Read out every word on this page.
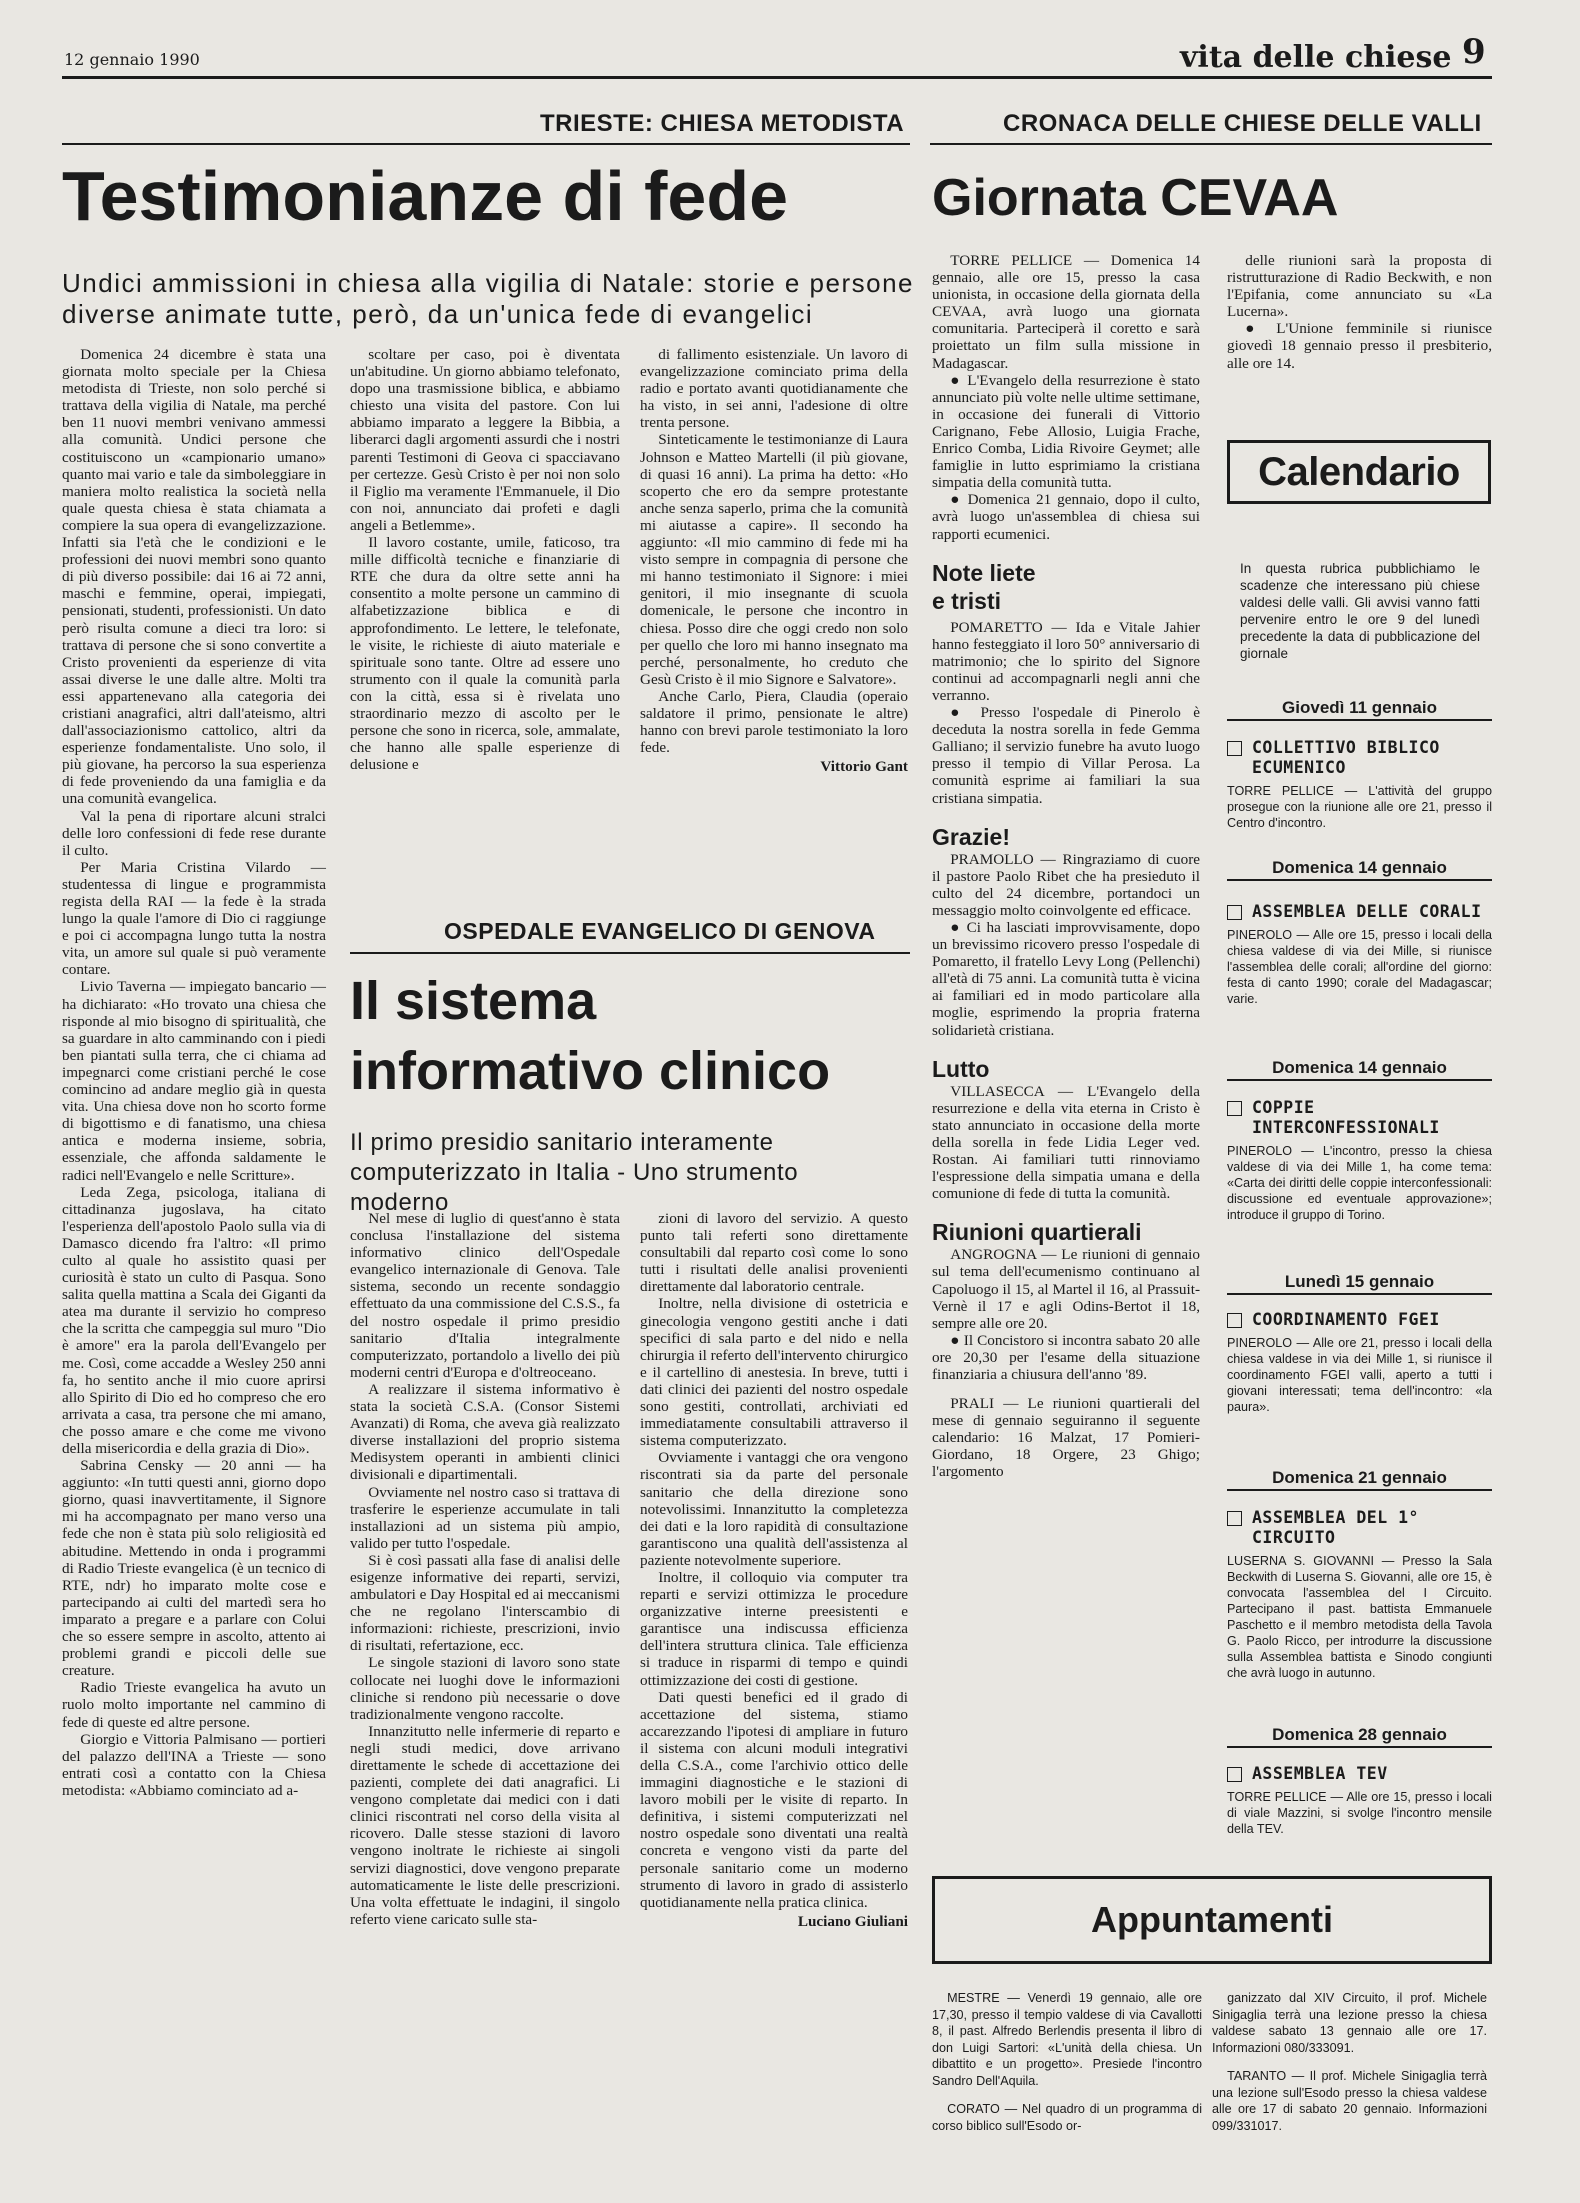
12 gennaio 1990	vita delle chiese 9
TRIESTE: CHIESA METODISTA
Testimonianze di fede
Undici ammissioni in chiesa alla vigilia di Natale: storie e persone diverse animate tutte, però, da un'unica fede di evangelici

Domenica 24 dicembre è stata una giornata molto speciale per la Chiesa metodista di Trieste, non solo perché si trattava della vigilia di Natale, ma perché ben 11 nuovi membri venivano ammessi alla comunità. Undici persone che costituiscono un «campionario umano» quanto mai vario e tale da simboleggiare in maniera molto realistica la società nella quale questa chiesa è stata chiamata a compiere la sua opera di evangelizzazione. Infatti sia l'età che le condizioni e le professioni dei nuovi membri sono quanto di più diverso possibile: dai 16 ai 72 anni, maschi e femmine, operai, impiegati, pensionati, studenti, professionisti. Un dato però risulta comune a dieci tra loro: si trattava di persone che si sono convertite a Cristo provenienti da esperienze di vita assai diverse le une dalle altre. Molti tra essi appartenevano alla categoria dei cristiani anagrafici, altri dall'ateismo, altri dall'associazionismo cattolico, altri da esperienze fondamentaliste. Uno solo, il più giovane, ha percorso la sua esperienza di fede proveniendo da una famiglia e da una comunità evangelica.

Val la pena di riportare alcuni stralci delle loro confessioni di fede rese durante il culto.

Per Maria Cristina Vilardo — studentessa di lingue e programmista regista della RAI — la fede è la strada lungo la quale l'amore di Dio ci raggiunge e poi ci accompagna lungo tutta la nostra vita, un amore sul quale si può veramente contare.

Livio Taverna — impiegato bancario — ha dichiarato: «Ho trovato una chiesa che risponde al mio bisogno di spiritualità, che sa guardare in alto camminando con i piedi ben piantati sulla terra, che ci chiama ad impegnarci come cristiani perché le cose comincino ad andare meglio già in questa vita. Una chiesa dove non ho scorto forme di bigottismo e di fanatismo, una chiesa antica e moderna insieme, sobria, essenziale, che affonda saldamente le radici nell'Evangelo e nelle Scritture».

Leda Zega, psicologa, italiana di cittadinanza jugoslava, ha citato l'esperienza dell'apostolo Paolo sulla via di Damasco dicendo fra l'altro: «Il primo culto al quale ho assistito quasi per curiosità è stato un culto di Pasqua. Sono salita quella mattina a Scala dei Giganti da atea ma durante il servizio ho compreso che la scritta che campeggia sul muro "Dio è amore" era la parola dell'Evangelo per me. Così, come accadde a Wesley 250 anni fa, ho sentito anche il mio cuore aprirsi allo Spirito di Dio ed ho compreso che ero arrivata a casa, tra persone che mi amano, che posso amare e che come me vivono della misericordia e della grazia di Dio».

Sabrina Censky — 20 anni — ha aggiunto: «In tutti questi anni, giorno dopo giorno, quasi inavvertitamente, il Signore mi ha accompagnato per mano verso una fede che non è stata più solo religiosità ed abitudine. Mettendo in onda i programmi di Radio Trieste evangelica (è un tecnico di RTE, ndr) ho imparato molte cose e partecipando ai culti del martedì sera ho imparato a pregare e a parlare con Colui che so essere sempre in ascolto, attento ai problemi grandi e piccoli delle sue creature.

Radio Trieste evangelica ha avuto un ruolo molto importante nel cammino di fede di queste ed altre persone.

Giorgio e Vittoria Palmisano — portieri del palazzo dell'INA a Trieste — sono entrati così a contatto con la Chiesa metodista: «Abbiamo cominciato ad a-

scoltare per caso, poi è diventata un'abitudine. Un giorno abbiamo telefonato, dopo una trasmissione biblica, e abbiamo chiesto una visita del pastore. Con lui abbiamo imparato a leggere la Bibbia, a liberarci dagli argomenti assurdi che i nostri parenti Testimoni di Geova ci spacciavano per certezze. Gesù Cristo è per noi non solo il Figlio ma veramente l'Emmanuele, il Dio con noi, annunciato dai profeti e dagli angeli a Betlemme».

Il lavoro costante, umile, faticoso, tra mille difficoltà tecniche e finanziarie di RTE che dura da oltre sette anni ha consentito a molte persone un cammino di alfabetizzazione biblica e di approfondimento. Le lettere, le telefonate, le visite, le richieste di aiuto materiale e spirituale sono tante. Oltre ad essere uno strumento con il quale la comunità parla con la città, essa si è rivelata uno straordinario mezzo di ascolto per le persone che sono in ricerca, sole, ammalate, che hanno alle spalle esperienze di delusione e

di fallimento esistenziale. Un lavoro di evangelizzazione cominciato prima della radio e portato avanti quotidianamente che ha visto, in sei anni, l'adesione di oltre trenta persone.

Sinteticamente le testimonianze di Laura Johnson e Matteo Martelli (il più giovane, di quasi 16 anni). La prima ha detto: «Ho scoperto che ero da sempre protestante anche senza saperlo, prima che la comunità mi aiutasse a capire». Il secondo ha aggiunto: «Il mio cammino di fede mi ha visto sempre in compagnia di persone che mi hanno testimoniato il Signore: i miei genitori, il mio insegnante di scuola domenicale, le persone che incontro in chiesa. Posso dire che oggi credo non solo per quello che loro mi hanno insegnato ma perché, personalmente, ho creduto che Gesù Cristo è il mio Signore e Salvatore».

Anche Carlo, Piera, Claudia (operaio saldatore il primo, pensionate le altre) hanno con brevi parole testimoniato la loro fede.

Vittorio Gant

OSPEDALE EVANGELICO DI GENOVA
Il sistema
informativo clinico
Il primo presidio sanitario interamente computerizzato in Italia - Uno strumento moderno

Nel mese di luglio di quest'anno è stata conclusa l'installazione del sistema informativo clinico dell'Ospedale evangelico internazionale di Genova. Tale sistema, secondo un recente sondaggio effettuato da una commissione del C.S.S., fa del nostro ospedale il primo presidio sanitario d'Italia integralmente computerizzato, portandolo a livello dei più moderni centri d'Europa e d'oltreoceano.

A realizzare il sistema informativo è stata la società C.S.A. (Consor Sistemi Avanzati) di Roma, che aveva già realizzato diverse installazioni del proprio sistema Medisystem operanti in ambienti clinici divisionali e dipartimentali.

Ovviamente nel nostro caso si trattava di trasferire le esperienze accumulate in tali installazioni ad un sistema più ampio, valido per tutto l'ospedale.

Si è così passati alla fase di analisi delle esigenze informative dei reparti, servizi, ambulatori e Day Hospital ed ai meccanismi che ne regolano l'interscambio di informazioni: richieste, prescrizioni, invio di risultati, refertazione, ecc.

Le singole stazioni di lavoro sono state collocate nei luoghi dove le informazioni cliniche si rendono più necessarie o dove tradizionalmente vengono raccolte.

Innanzitutto nelle infermerie di reparto e negli studi medici, dove arrivano direttamente le schede di accettazione dei pazienti, complete dei dati anagrafici. Li vengono completate dai medici con i dati clinici riscontrati nel corso della visita al ricovero. Dalle stesse stazioni di lavoro vengono inoltrate le richieste ai singoli servizi diagnostici, dove vengono preparate automaticamente le liste delle prescrizioni. Una volta effettuate le indagini, il singolo referto viene caricato sulle sta-

zioni di lavoro del servizio. A questo punto tali referti sono direttamente consultabili dal reparto così come lo sono tutti i risultati delle analisi provenienti direttamente dal laboratorio centrale.

Inoltre, nella divisione di ostetricia e ginecologia vengono gestiti anche i dati specifici di sala parto e del nido e nella chirurgia il referto dell'intervento chirurgico e il cartellino di anestesia. In breve, tutti i dati clinici dei pazienti del nostro ospedale sono gestiti, controllati, archiviati ed immediatamente consultabili attraverso il sistema computerizzato.

Ovviamente i vantaggi che ora vengono riscontrati sia da parte del personale sanitario che della direzione sono notevolissimi. Innanzitutto la completezza dei dati e la loro rapidità di consultazione garantiscono una qualità dell'assistenza al paziente notevolmente superiore.

Inoltre, il colloquio via computer tra reparti e servizi ottimizza le procedure organizzative interne preesistenti e garantisce una indiscussa efficienza dell'intera struttura clinica. Tale efficienza si traduce in risparmi di tempo e quindi ottimizzazione dei costi di gestione.

Dati questi benefici ed il grado di accettazione del sistema, stiamo accarezzando l'ipotesi di ampliare in futuro il sistema con alcuni moduli integrativi della C.S.A., come l'archivio ottico delle immagini diagnostiche e le stazioni di lavoro mobili per le visite di reparto. In definitiva, i sistemi computerizzati nel nostro ospedale sono diventati una realtà concreta e vengono visti da parte del personale sanitario come un moderno strumento di lavoro in grado di assisterlo quotidianamente nella pratica clinica.

Luciano Giuliani

CRONACA DELLE CHIESE DELLE VALLI
Giornata CEVAA

TORRE PELLICE — Domenica 14 gennaio, alle ore 15, presso la casa unionista, in occasione della giornata della CEVAA, avrà luogo una giornata comunitaria. Parteciperà il coretto e sarà proiettato un film sulla missione in Madagascar.

● L'Evangelo della resurrezione è stato annunciato più volte nelle ultime settimane, in occasione dei funerali di Vittorio Carignano, Febe Allosio, Luigia Frache, Enrico Comba, Lidia Rivoire Geymet; alle famiglie in lutto esprimiamo la cristiana simpatia della comunità tutta.

● Domenica 21 gennaio, dopo il culto, avrà luogo un'assemblea di chiesa sui rapporti ecumenici.

Note liete
e tristi

POMARETTO — Ida e Vitale Jahier hanno festeggiato il loro 50° anniversario di matrimonio; che lo spirito del Signore continui ad accompagnarli negli anni che verranno.

● Presso l'ospedale di Pinerolo è deceduta la nostra sorella in fede Gemma Galliano; il servizio funebre ha avuto luogo presso il tempio di Villar Perosa. La comunità esprime ai familiari la sua cristiana simpatia.

Grazie!

PRAMOLLO — Ringraziamo di cuore il pastore Paolo Ribet che ha presieduto il culto del 24 dicembre, portandoci un messaggio molto coinvolgente ed efficace.

● Ci ha lasciati improvvisamente, dopo un brevissimo ricovero presso l'ospedale di Pomaretto, il fratello Levy Long (Pellenchi) all'età di 75 anni. La comunità tutta è vicina ai familiari ed in modo particolare alla moglie, esprimendo la propria fraterna solidarietà cristiana.

Lutto

VILLASECCA — L'Evangelo della resurrezione e della vita eterna in Cristo è stato annunciato in occasione della morte della sorella in fede Lidia Leger ved. Rostan. Ai familiari tutti rinnoviamo l'espressione della simpatia umana e della comunione di fede di tutta la comunità.

Riunioni quartierali

ANGROGNA — Le riunioni di gennaio sul tema dell'ecumenismo continuano al Capoluogo il 15, al Martel il 16, al Prassuit-Vernè il 17 e agli Odins-Bertot il 18, sempre alle ore 20.

● Il Concistoro si incontra sabato 20 alle ore 20,30 per l'esame della situazione finanziaria a chiusura dell'anno '89.

PRALI — Le riunioni quartierali del mese di gennaio seguiranno il seguente calendario: 16 Malzat, 17 Pomieri-Giordano, 18 Orgere, 23 Ghigo; l'argomento

delle riunioni sarà la proposta di ristrutturazione di Radio Beckwith, e non l'Epifania, come annunciato su «La Lucerna».

● L'Unione femminile si riunisce giovedì 18 gennaio presso il presbiterio, alle ore 14.

Calendario
In questa rubrica pubblichiamo le scadenze che interessano più chiese valdesi delle valli. Gli avvisi vanno fatti pervenire entro le ore 9 del lunedì precedente la data di pubblicazione del giornale
Giovedì 11 gennaio
COLLETTIVO BIBLICO ECUMENICO
TORRE PELLICE — L'attività del gruppo prosegue con la riunione alle ore 21, presso il Centro d'incontro.
Domenica 14 gennaio
ASSEMBLEA DELLE CORALI
PINEROLO — Alle ore 15, presso i locali della chiesa valdese di via dei Mille, si riunisce l'assemblea delle corali; all'ordine del giorno: festa di canto 1990; corale del Madagascar; varie.
Domenica 14 gennaio
COPPIE INTERCONFESSIONALI
PINEROLO — L'incontro, presso la chiesa valdese di via dei Mille 1, ha come tema: «Carta dei diritti delle coppie interconfessionali: discussione ed eventuale approvazione»; introduce il gruppo di Torino.
Lunedì 15 gennaio
COORDINAMENTO FGEI
PINEROLO — Alle ore 21, presso i locali della chiesa valdese in via dei Mille 1, si riunisce il coordinamento FGEI valli, aperto a tutti i giovani interessati; tema dell'incontro: «la paura».
Domenica 21 gennaio
ASSEMBLEA DEL 1° CIRCUITO
LUSERNA S. GIOVANNI — Presso la Sala Beckwith di Luserna S. Giovanni, alle ore 15, è convocata l'assemblea del I Circuito. Partecipano il past. battista Emmanuele Paschetto e il membro metodista della Tavola G. Paolo Ricco, per introdurre la discussione sulla Assemblea battista e Sinodo congiunti che avrà luogo in autunno.
Domenica 28 gennaio
ASSEMBLEA TEV
TORRE PELLICE — Alle ore 15, presso i locali di viale Mazzini, si svolge l'incontro mensile della TEV.
Appuntamenti

MESTRE — Venerdì 19 gennaio, alle ore 17,30, presso il tempio valdese di via Cavallotti 8, il past. Alfredo Berlendis presenta il libro di don Luigi Sartori: «L'unità della chiesa. Un dibattito e un progetto». Presiede l'incontro Sandro Dell'Aquila.

CORATO — Nel quadro di un programma di corso biblico sull'Esodo or-

ganizzato dal XIV Circuito, il prof. Michele Sinigaglia terrà una lezione presso la chiesa valdese sabato 13 gennaio alle ore 17. Informazioni 080/333091.

TARANTO — Il prof. Michele Sinigaglia terrà una lezione sull'Esodo presso la chiesa valdese alle ore 17 di sabato 20 gennaio. Informazioni 099/331017.
